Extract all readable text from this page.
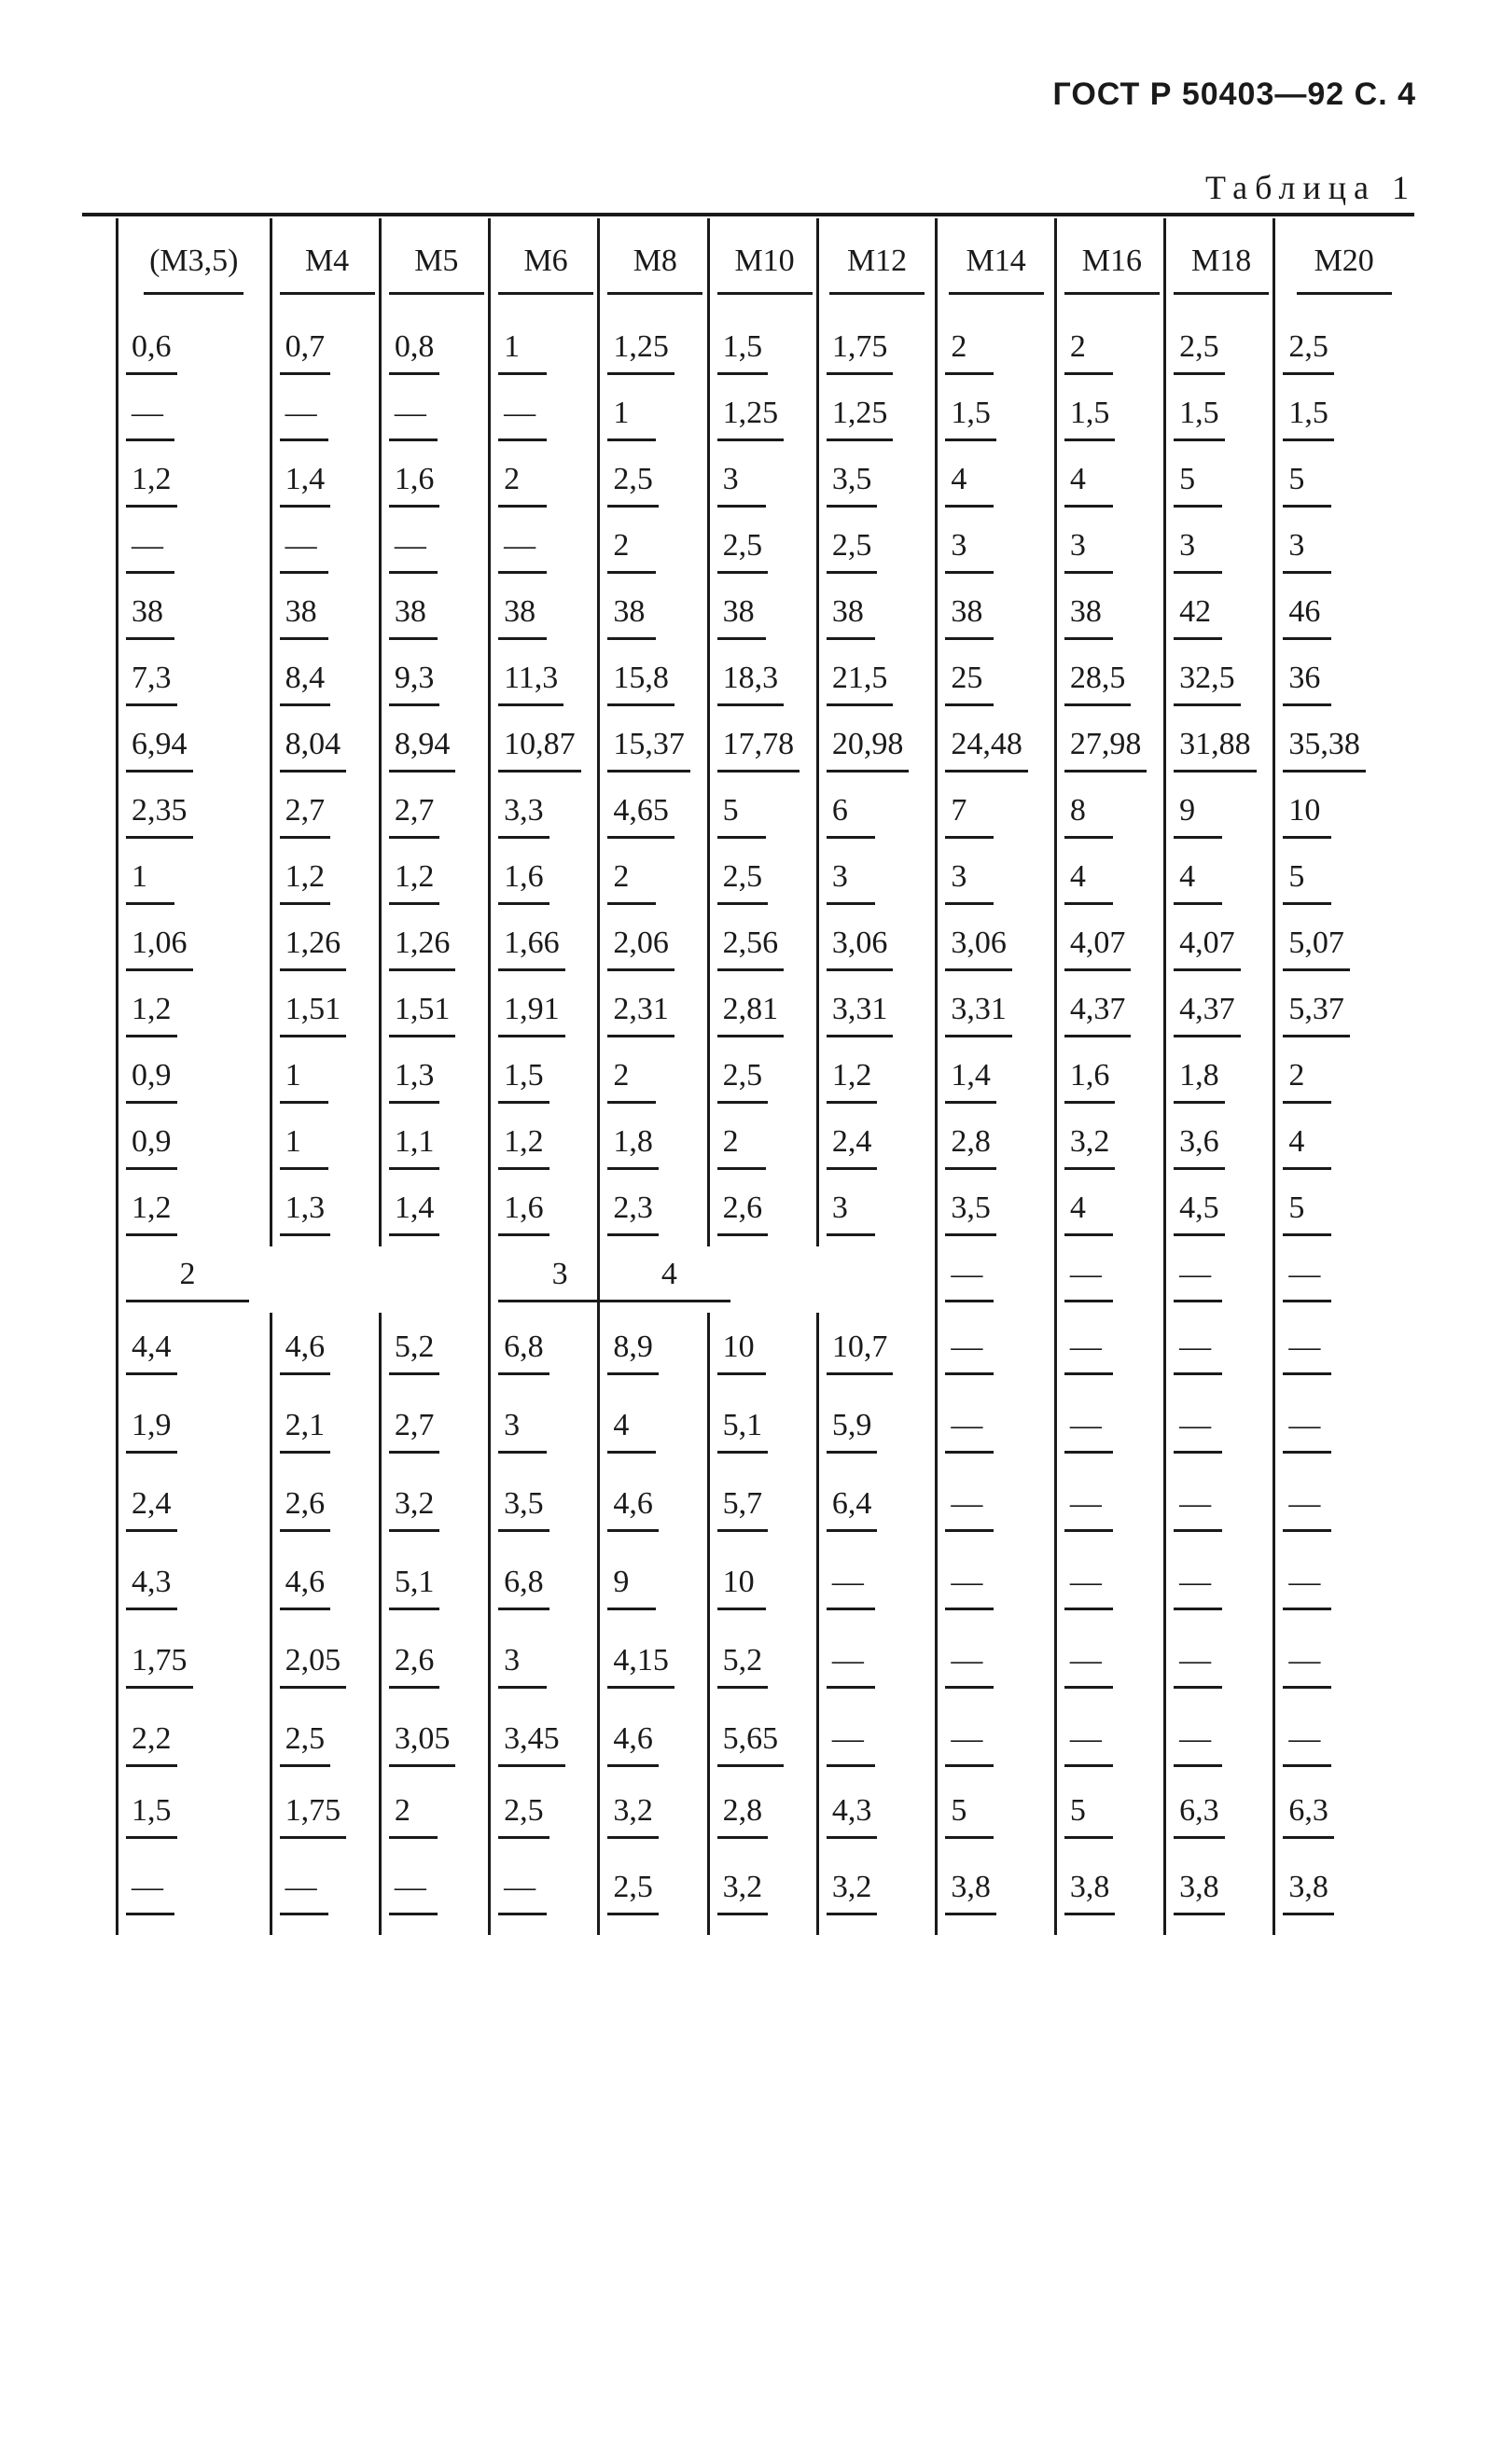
ГОСТ Р 50403—92 С. 4
Таблица 1
(M3,5)	M4	M5	M6	M8	M10	M12	M14	M16	M18	M20
0,6	0,7	0,8	1	1,25	1,5	1,75	2	2	2,5	2,5
—	—	—	—	1	1,25	1,25	1,5	1,5	1,5	1,5
1,2	1,4	1,6	2	2,5	3	3,5	4	4	5	5
—	—	—	—	2	2,5	2,5	3	3	3	3
38	38	38	38	38	38	38	38	38	42	46
7,3	8,4	9,3	11,3	15,8	18,3	21,5	25	28,5	32,5	36
6,94	8,04	8,94	10,87	15,37	17,78	20,98	24,48	27,98	31,88	35,38
2,35	2,7	2,7	3,3	4,65	5	6	7	8	9	10
1	1,2	1,2	1,6	2	2,5	3	3	4	4	5
1,06	1,26	1,26	1,66	2,06	2,56	3,06	3,06	4,07	4,07	5,07
1,2	1,51	1,51	1,91	2,31	2,81	3,31	3,31	4,37	4,37	5,37
0,9	1	1,3	1,5	2	2,5	1,2	1,4	1,6	1,8	2
0,9	1	1,1	1,2	1,8	2	2,4	2,8	3,2	3,6	4
1,2	1,3	1,4	1,6	2,3	2,6	3	3,5	4	4,5	5
2			3	4			—	—	—	—
4,4	4,6	5,2	6,8	8,9	10	10,7	—	—	—	—
1,9	2,1	2,7	3	4	5,1	5,9	—	—	—	—
2,4	2,6	3,2	3,5	4,6	5,7	6,4	—	—	—	—
4,3	4,6	5,1	6,8	9	10	—	—	—	—	—
1,75	2,05	2,6	3	4,15	5,2	—	—	—	—	—
2,2	2,5	3,05	3,45	4,6	5,65	—	—	—	—	—
1,5	1,75	2	2,5	3,2	2,8	4,3	5	5	6,3	6,3
—	—	—	—	2,5	3,2	3,2	3,8	3,8	3,8	3,8
